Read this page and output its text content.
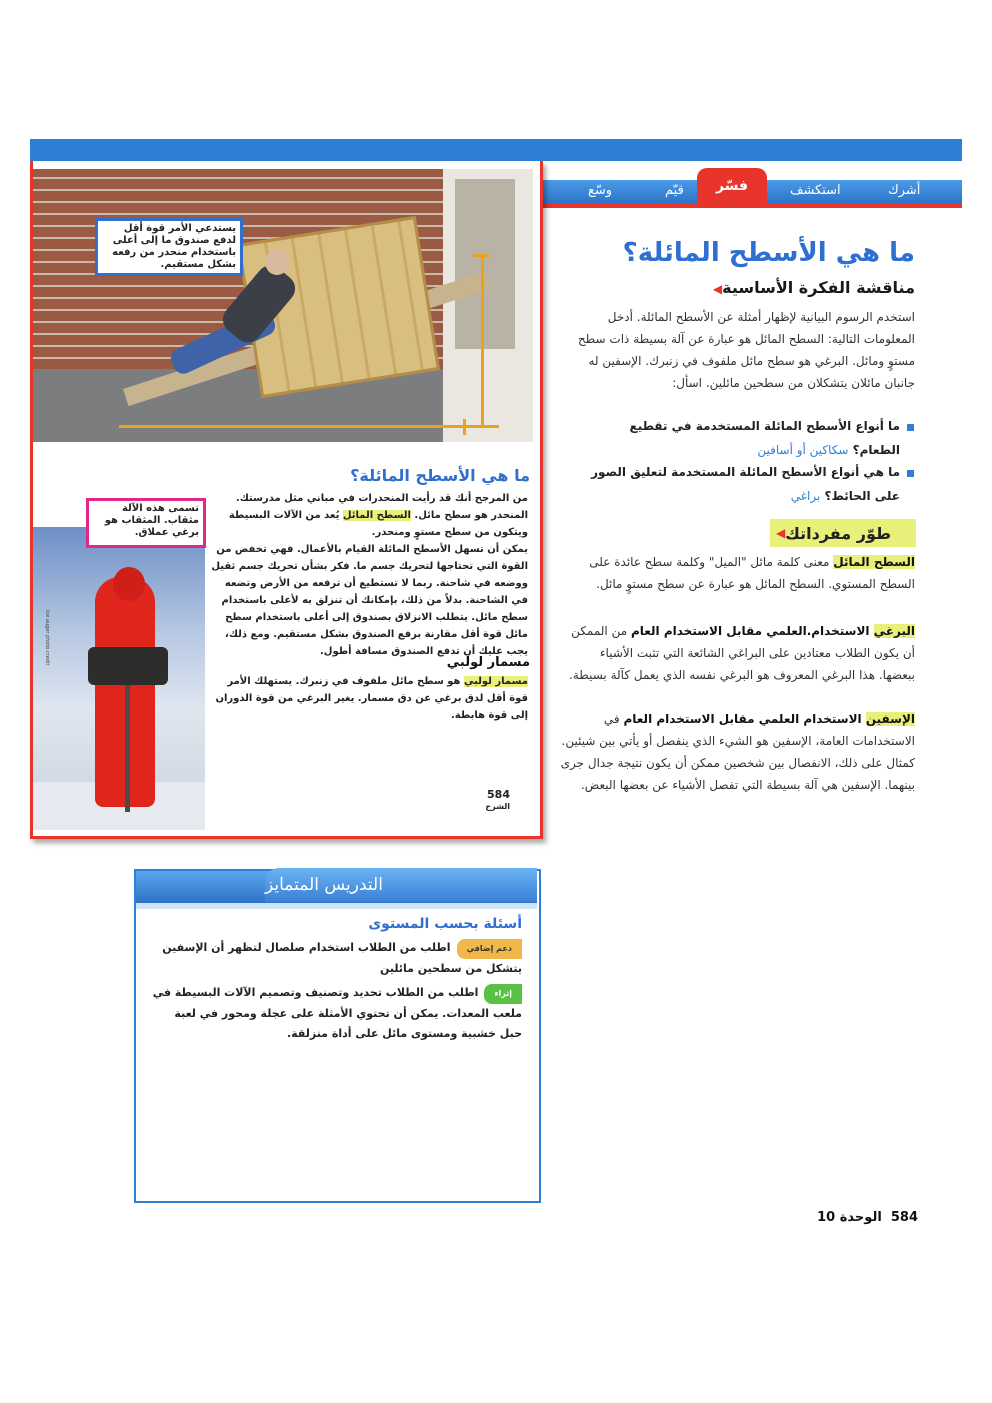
أشرك
استكشف
فسّر
قيّم
وسّع
يستدعي الأمر قوة أقل لدفع صندوق ما إلى أعلى باستخدام منحدر من رفعه بشكل مستقيم.
تسمى هذه الآلة مثقاب. المثقاب هو برغي عملاق.
Ice auger photo credit
ما هي الأسطح المائلة؟
من المرجح أنك قد رأيت المنحدرات في مباني مثل مدرستك. المنحدر هو سطح مائل. السطح المائل يُعد من الآلات البسيطة ويتكون من سطح مستوٍ ومنحدر.
يمكن أن تسهل الأسطح المائلة القيام بالأعمال. فهي تخفض من القوة التي تحتاجها لتحريك جسم ما. فكر بشأن تحريك جسم ثقيل ووضعه في شاحنة. ربما لا تستطيع أن ترفعه من الأرض وتضعه في الشاحنة. بدلاً من ذلك، بإمكانك أن تنزلق به لأعلى باستخدام سطح مائل. يتطلب الانزلاق بصندوق إلى أعلى باستخدام سطح مائل قوة أقل مقارنة برفع الصندوق بشكل مستقيم. ومع ذلك، يجب عليك أن تدفع الصندوق مسافة أطول.
مسمار لولبي
مسمار لولبي هو سطح مائل ملفوف في زنبرك. يستهلك الأمر قوة أقل لدق برغي عن دق مسمار. يغير البرغي من قوة الدوران إلى قوة هابطة.
584
الشرح
ما هي الأسطح المائلة؟
مناقشة الفكرة الأساسية◀
استخدم الرسوم البيانية لإظهار أمثلة عن الأسطح المائلة. أدخل المعلومات التالية: السطح المائل هو عبارة عن آلة بسيطة ذات سطح مستوٍ ومائل. البرغي هو سطح مائل ملفوف في زنبرك. الإسفين له جانبان مائلان يتشكلان من سطحين مائلين. اسأل:
ما أنواع الأسطح المائلة المستخدمة في تقطيع الطعام؟ سكاكين أو أسافين
ما هي أنواع الأسطح المائلة المستخدمة لتعليق الصور على الحائط؟ براغي
طوّر مفرداتك
◀
السطح المائل معنى كلمة مائل "الميل" وكلمة سطح عائدة على السطح المستوي. السطح المائل هو عبارة عن سطح مستوٍ مائل.
البرغي الاستخدام.العلمي مقابل الاستخدام العام من الممكن أن يكون الطلاب معتادين على البراغي الشائعة التي تثبت الأشياء ببعضها. هذا البرغي المعروف هو البرغي نفسه الذي يعمل كآلة بسيطة.
الإسفين الاستخدام العلمي مقابل الاستخدام العام في الاستخدامات العامة، الإسفين هو الشيء الذي ينفصل أو يأتي بين شيئين. كمثال على ذلك، الانفصال بين شخصين ممكن أن يكون نتيجة جدال جرى بينهما. الإسفين هي آلة بسيطة التي تفصل الأشياء عن بعضها البعض.
التدريس المتمايز
أسئلة بحسب المستوى
دعم إضافياطلب من الطلاب استخدام صلصال لتظهر أن الإسفين يتشكل من سطحين مائلين
إثراءاطلب من الطلاب تحديد وتصنيف وتصميم الآلات البسيطة في ملعب المعدات. يمكن أن تحتوي الأمثلة على عجلة ومحور في لعبة حبل خشبية ومستوى مائل على أداة منزلقة.
584  الوحدة 10
